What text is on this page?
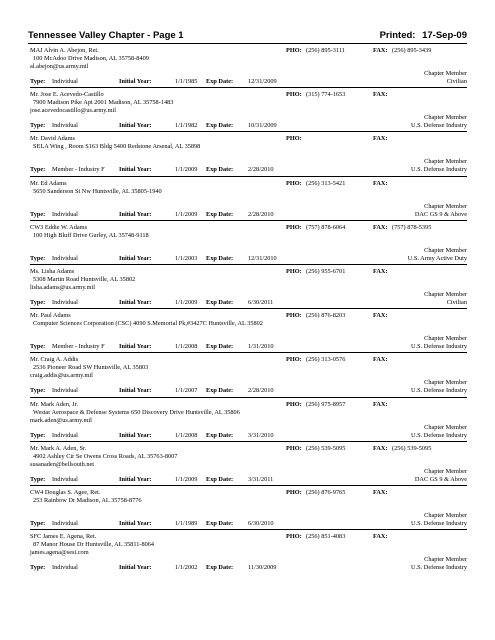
Tennessee Valley Chapter - Page 1	Printed: 17-Sep-09
MAJ Alvin A. Abejon, Ret.	PHO: (256) 895-3111	FAX: (256) 895-3439
100 McAdoo Drive Madison, AL 35758-8409
al.abejon@us.army.mil
Type: Individual	Initial Year:	1/1/1985 Exp Date: 12/31/2009
Chapter Member
Civilian
Mr. Jose E. Acevedo-Castillo	PHO: (315) 774-1653	FAX:
7900 Madison Pike Apt 2001 Madison, AL 35758-1483
jose.acevedocastillo@us.army.mil
Type: Individual	Initial Year:	1/1/1982 Exp Date: 10/31/2009
Chapter Member
U.S. Defense Industry
Mr. David Adams	PHO:	FAX:
SELA Wing , Room S163 Bldg 5400 Redstone Arsenal, AL 35898
Type: Member - Industry F Initial Year:	1/1/2009 Exp Date: 2/28/2010
Chapter Member
U.S. Defense Industry
Mr. Ed Adams	PHO: (256) 313-5421	FAX:
5650 Sanderson St Nw Huntsville, AL 35805-1940
Type: Individual	Initial Year:	1/1/2009 Exp Date: 2/28/2010
Chapter Member
DAC GS 9 & Above
CW3 Eddie W. Adams	PHO: (757) 878-6064	FAX: (757) 878-5395
100 High Bluff Drive Gurley, AL 35748-9118
Type: Individual	Initial Year:	1/1/2003 Exp Date: 12/31/2010
Chapter Member
U.S. Army Active Duty
Ms. Lisha Adams	PHO: (256) 955-6701	FAX:
5308 Martin Road Huntsville, AL 35802
lisha.adams@us.army.mil
Type: Individual	Initial Year:	1/1/2009 Exp Date: 6/30/2011
Chapter Member
Civilian
Mr. Paul Adams	PHO: (256) 876-8203	FAX:
Computer Sciences Corporation (CSC) 4090 S.Memorial Pk,#3427C Huntsville, AL 35802
Type: Member - Industry F Initial Year:	1/1/2008 Exp Date: 1/31/2010
Chapter Member
U.S. Defense Industry
Mr. Craig A. Addis	PHO: (256) 313-0576	FAX:
2536 Pioneer Road SW Huntsville, AL 35803
craig.addis@us.army.mil
Type: Individual	Initial Year:	1/1/2007 Exp Date: 2/28/2010
Chapter Member
U.S. Defense Industry
Mr. Mark Aden, Jr.	PHO: (256) 975-8957	FAX:
Westar Aerospace & Defense Systems 650 Discovery Drive Huntsville, AL 35806
mark.aden@us.army.mil
Type: Individual	Initial Year:	1/1/2008 Exp Date: 3/31/2010
Chapter Member
U.S. Defense Industry
Mr. Mark A. Aden, Sr.	PHO: (256) 539-5095	FAX: (256) 539-5095
4902 Ashley Cir Se Owens Cross Roads, AL 35763-8007
susanaden@bellsouth.net
Type: Individual	Initial Year:	1/1/2009 Exp Date: 3/31/2011
Chapter Member
DAC GS 9 & Above
CW4 Douglas S. Agee, Ret.	PHO: (256) 876-9765	FAX:
253 Rainbow Dr Madison, AL 35758-8776
Type: Individual	Initial Year:	1/1/1989 Exp Date: 6/30/2010
Chapter Member
U.S. Defense Industry
SFC James E. Agena, Ret.	PHO: (256) 851-4083	FAX:
87 Manor House Dr Huntsville, AL 35811-8064
james.agena@sesi.com
Type: Individual	Initial Year:	1/1/2002 Exp Date: 11/30/2009
Chapter Member
U.S. Defense Industry
